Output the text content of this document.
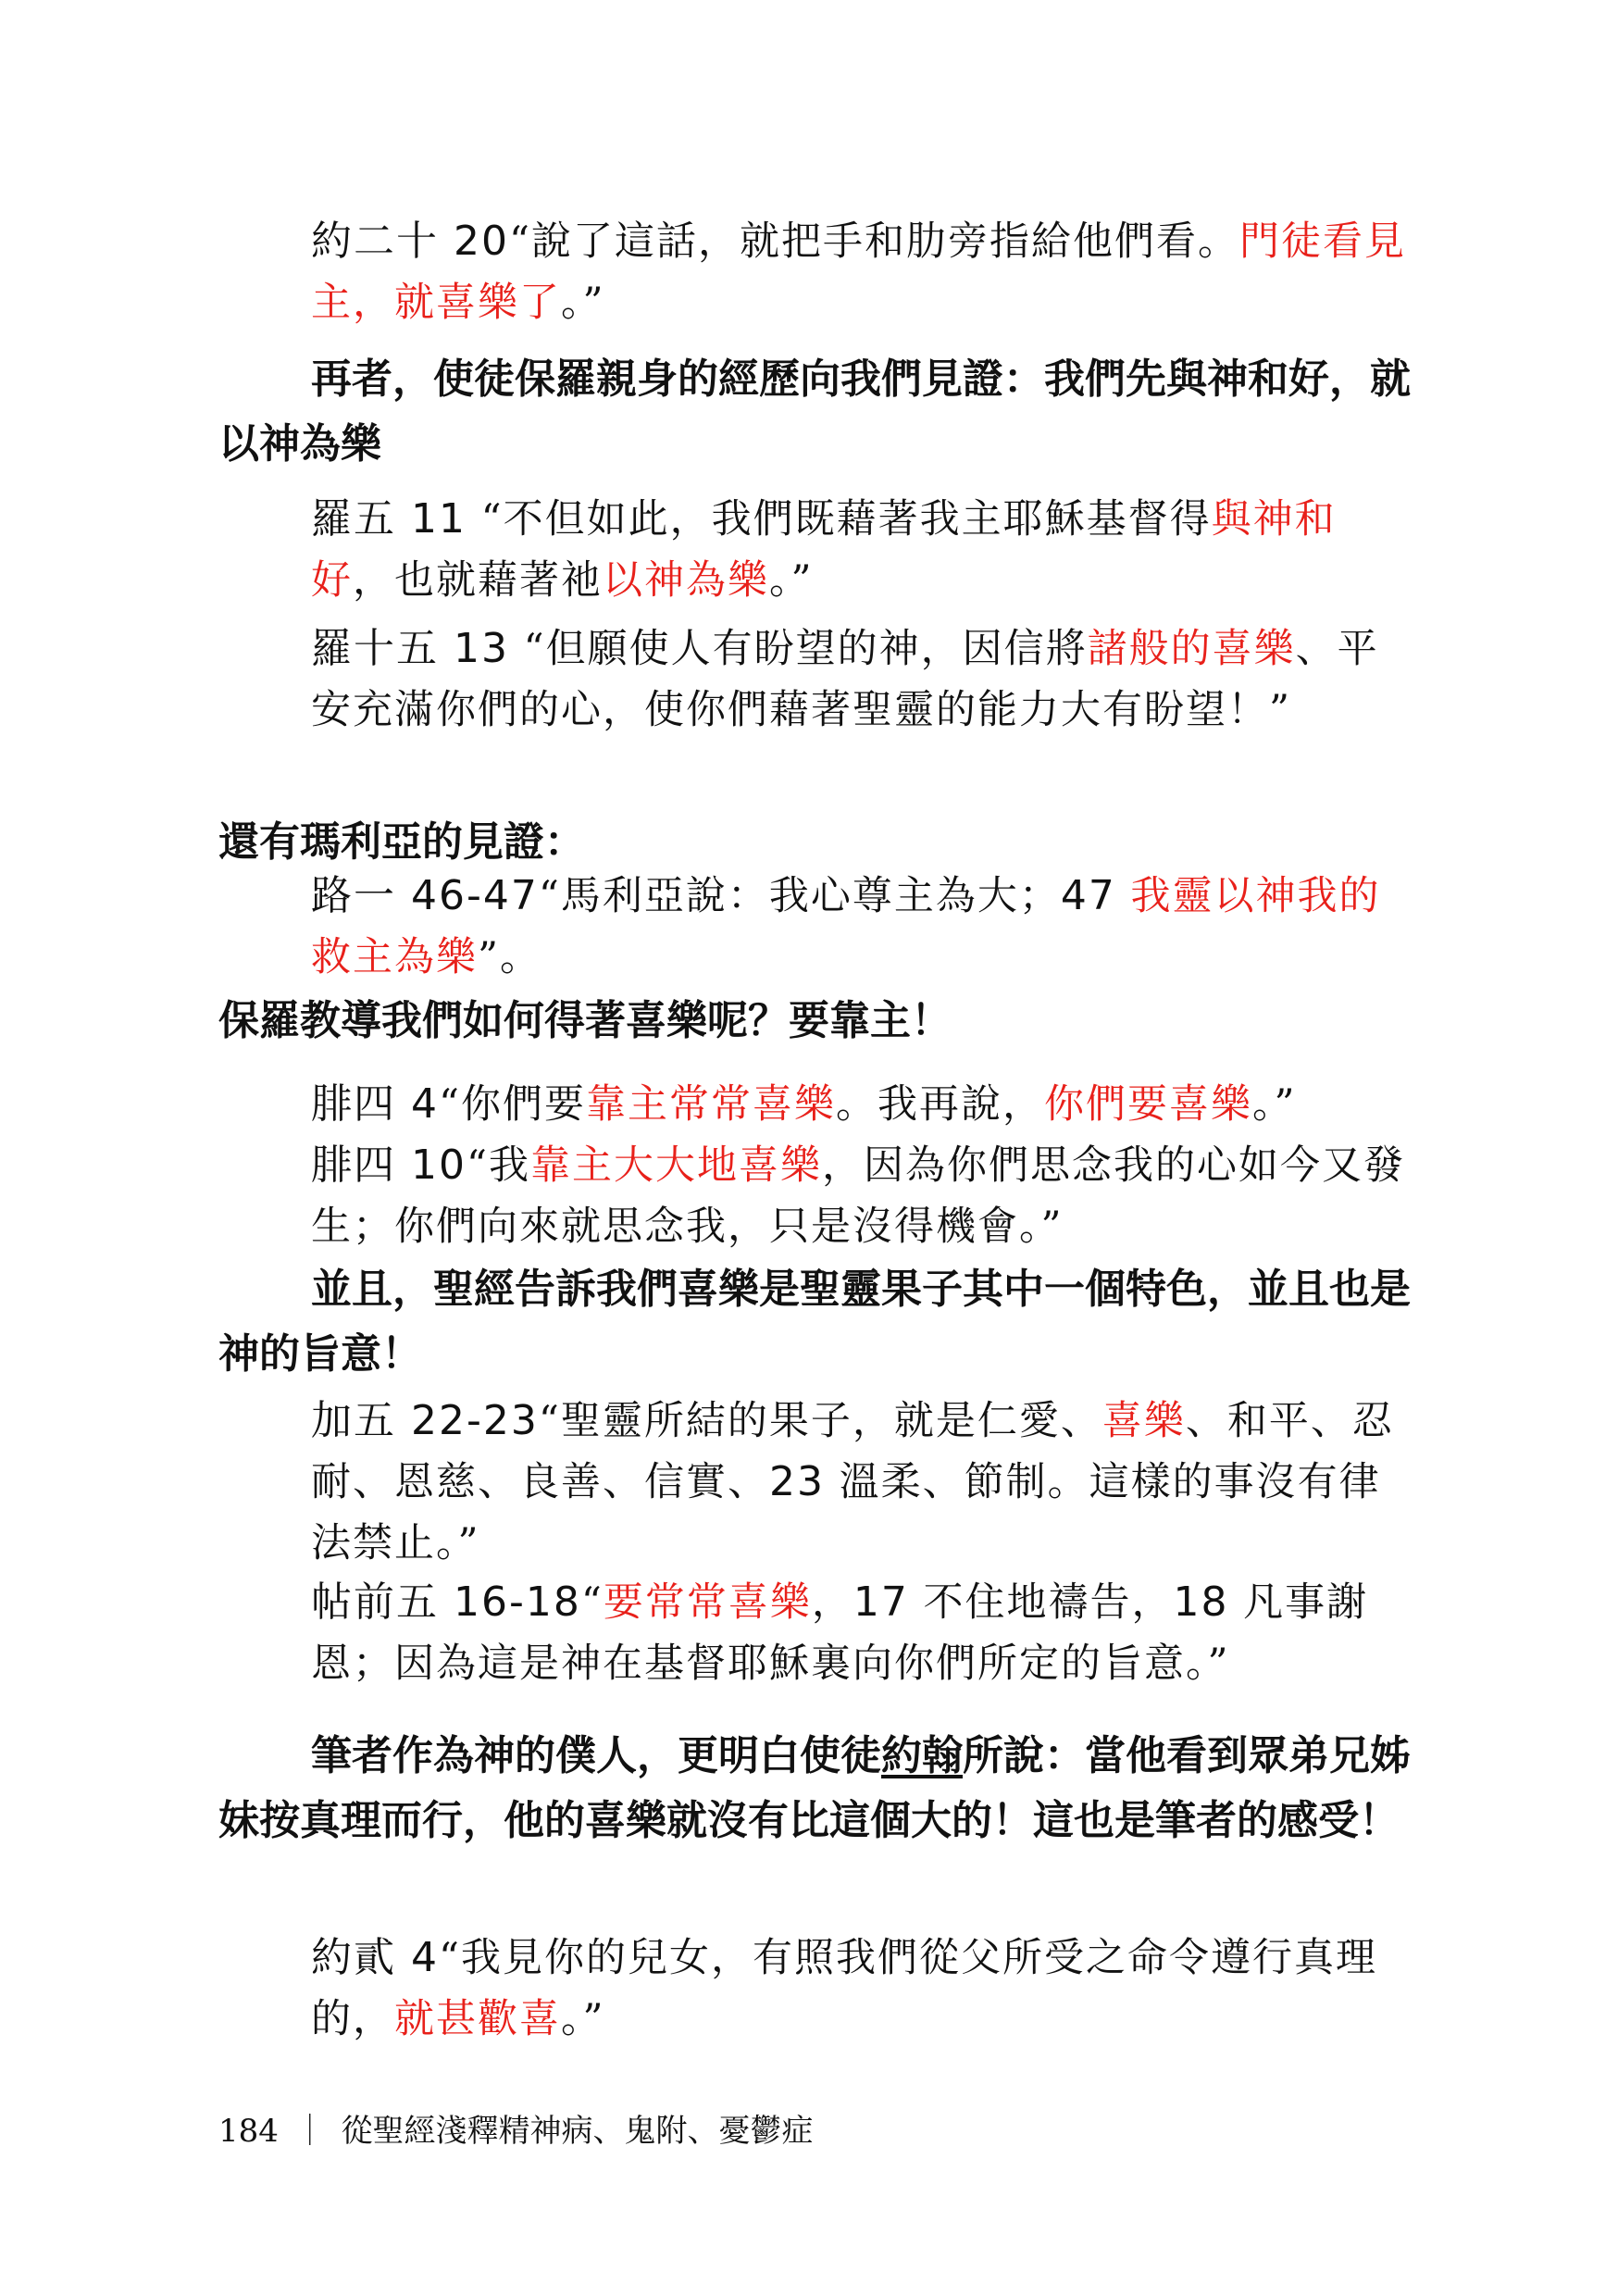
約二十 20“說了這話，就把手和肋旁指給他們看。門徒看見主，就喜樂了。”

再者，使徒保羅親身的經歷向我們見證：我們先與神和好，就以神為樂

羅五 11 “不但如此，我們既藉著我主耶穌基督得與神和好，也就藉著祂以神為樂。”

羅十五 13 “但願使人有盼望的神，因信將諸般的喜樂、平安充滿你們的心，使你們藉著聖靈的能力大有盼望！”

還有瑪利亞的見證：

路一 46-47“馬利亞說：我心尊主為大；47 我靈以神我的救主為樂”。

保羅教導我們如何得著喜樂呢？要靠主！

腓四 4“你們要靠主常常喜樂。我再說，你們要喜樂。”

腓四 10“我靠主大大地喜樂，因為你們思念我的心如今又發生；你們向來就思念我，只是沒得機會。”

並且，聖經告訴我們喜樂是聖靈果子其中一個特色，並且也是神的旨意！

加五 22-23“聖靈所結的果子，就是仁愛、喜樂、和平、忍耐、恩慈、良善、信實、23 溫柔、節制。這樣的事沒有律法禁止。”

帖前五 16-18“要常常喜樂，17 不住地禱告，18 凡事謝恩；因為這是神在基督耶穌裏向你們所定的旨意。”

筆者作為神的僕人，更明白使徒約翰所說：當他看到眾弟兄姊妹按真理而行，他的喜樂就沒有比這個大的！這也是筆者的感受！

約貳 4“我見你的兒女，有照我們從父所受之命令遵行真理的，就甚歡喜。”

184 ｜ 從聖經淺釋精神病、鬼附、憂鬱症
